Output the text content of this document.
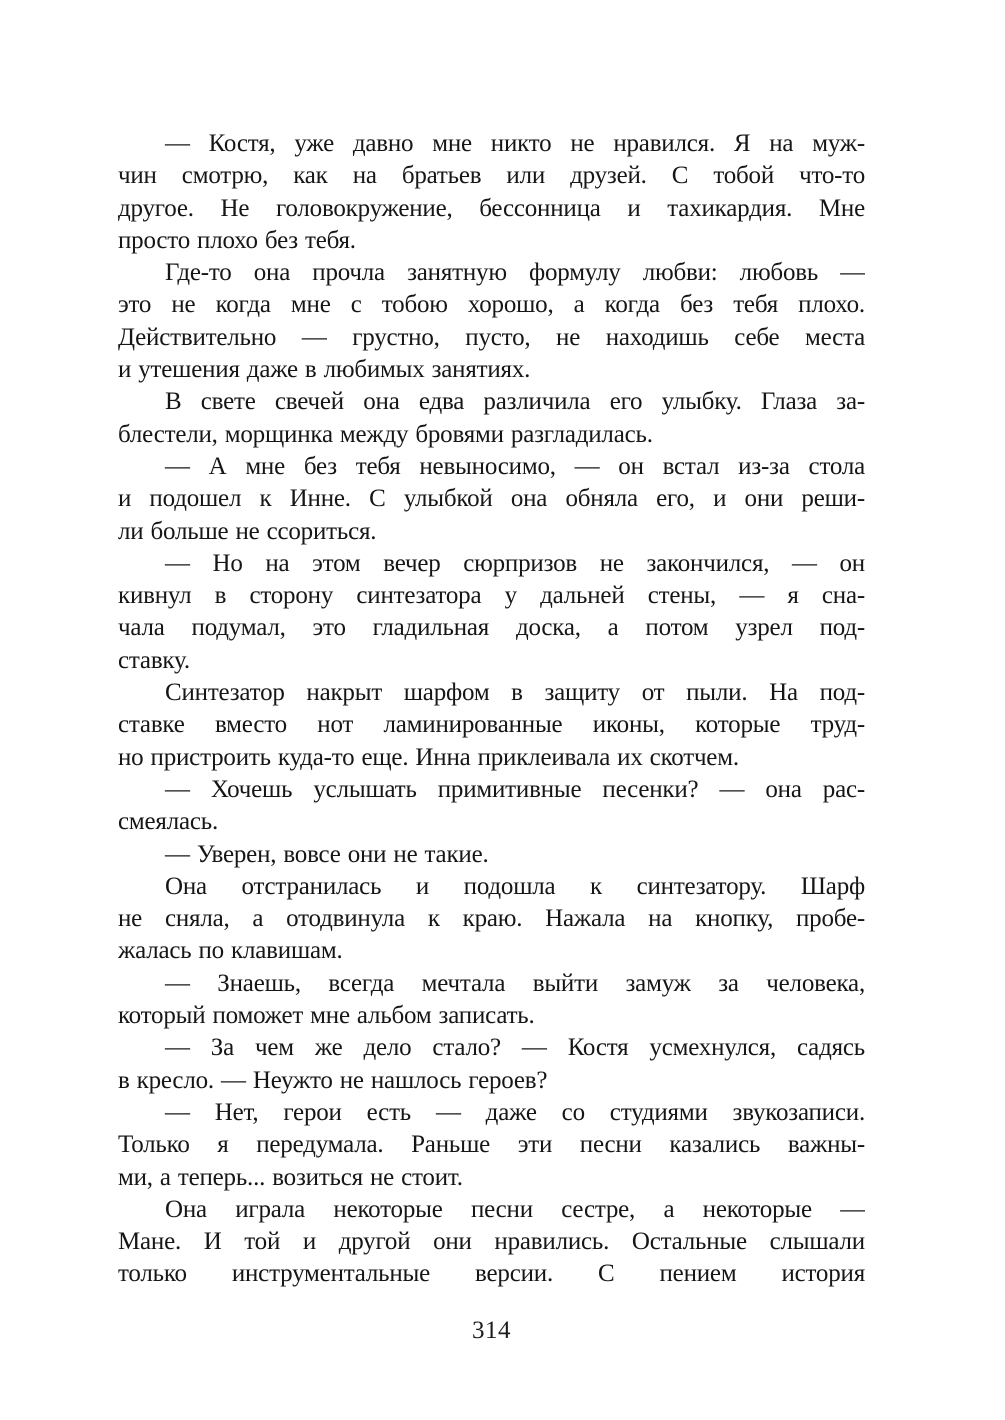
— Костя, уже давно мне никто не нравился. Я на муж-
чин смотрю, как на братьев или друзей. С тобой что-то
другое. Не головокружение, бессонница и тахикардия. Мне
просто плохо без тебя.
Где-то она прочла занятную формулу любви: любовь —
это не когда мне с тобою хорошо, а когда без тебя плохо.
Действительно — грустно, пусто, не находишь себе места
и утешения даже в любимых занятиях.
В свете свечей она едва различила его улыбку. Глаза за-
блестели, морщинка между бровями разгладилась.
— А мне без тебя невыносимо, — он встал из-за стола
и подошел к Инне. С улыбкой она обняла его, и они реши-
ли больше не ссориться.
— Но на этом вечер сюрпризов не закончился, — он
кивнул в сторону синтезатора у дальней стены, — я сна-
чала подумал, это гладильная доска, а потом узрел под-
ставку.
Синтезатор накрыт шарфом в защиту от пыли. На под-
ставке вместо нот ламинированные иконы, которые труд-
но пристроить куда-то еще. Инна приклеивала их скотчем.
— Хочешь услышать примитивные песенки? — она рас-
смеялась.
— Уверен, вовсе они не такие.
Она отстранилась и подошла к синтезатору. Шарф
не сняла, а отодвинула к краю. Нажала на кнопку, пробе-
жалась по клавишам.
— Знаешь, всегда мечтала выйти замуж за человека,
который поможет мне альбом записать.
— За чем же дело стало? — Костя усмехнулся, садясь
в кресло. — Неужто не нашлось героев?
— Нет, герои есть — даже со студиями звукозаписи.
Только я передумала. Раньше эти песни казались важны-
ми, а теперь... возиться не стоит.
Она играла некоторые песни сестре, а некоторые —
Мане. И той и другой они нравились. Остальные слышали
только инструментальные версии. С пением история
314
